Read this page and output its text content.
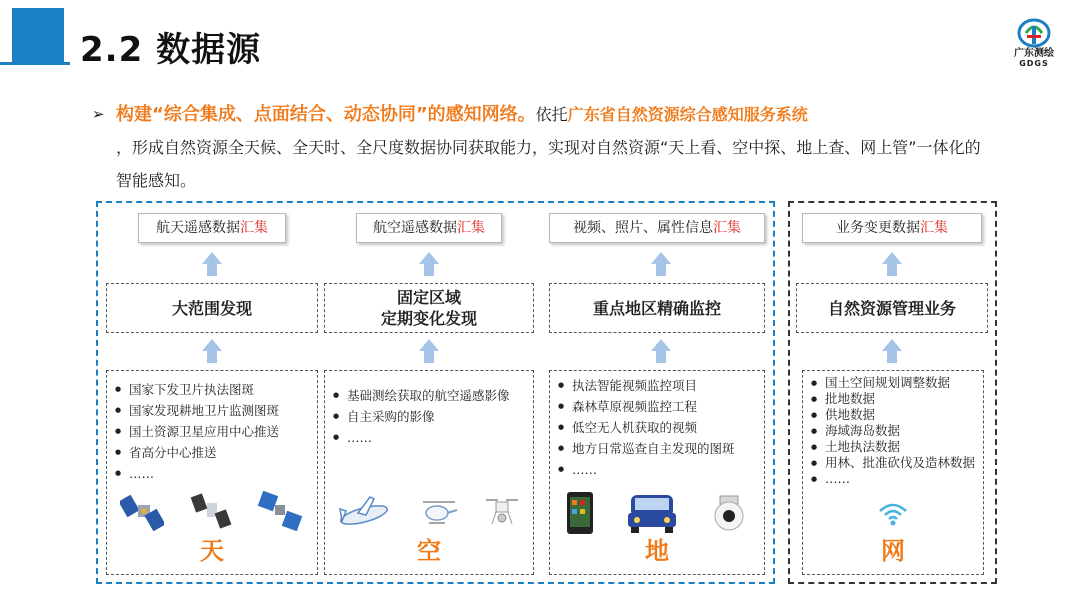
2.2 数据源	广东测绘
GDGS
➢ 构建“综合集成、点面结合、动态协同”的感知网络。依托广东省自然资源综合感知服务系统
，形成自然资源全天候、全天时、全尺度数据协同获取能力，实现对自然资源“天上看、空中探、地上查、网上管”一体化的智能感知。
航天遥感数据汇集
大范围发现
● 国家下发卫片执法图斑
● 国家发现耕地卫片监测图斑
● 国土资源卫星应用中心推送
● 省高分中心推送
● ……
天
航空遥感数据汇集
固定区域
定期变化发现
● 基础测绘获取的航空遥感影像
● 自主采购的影像
● ……
空
视频、照片、属性信息汇集
重点地区精确监控
● 执法智能视频监控项目
● 森林草原视频监控工程
● 低空无人机获取的视频
● 地方日常巡查自主发现的图斑
● ……
地
业务变更数据汇集
自然资源管理业务
● 国土空间规划调整数据
● 批地数据
● 供地数据
● 海域海岛数据
● 土地执法数据
● 用林、批准砍伐及造林数据
● ……
网
